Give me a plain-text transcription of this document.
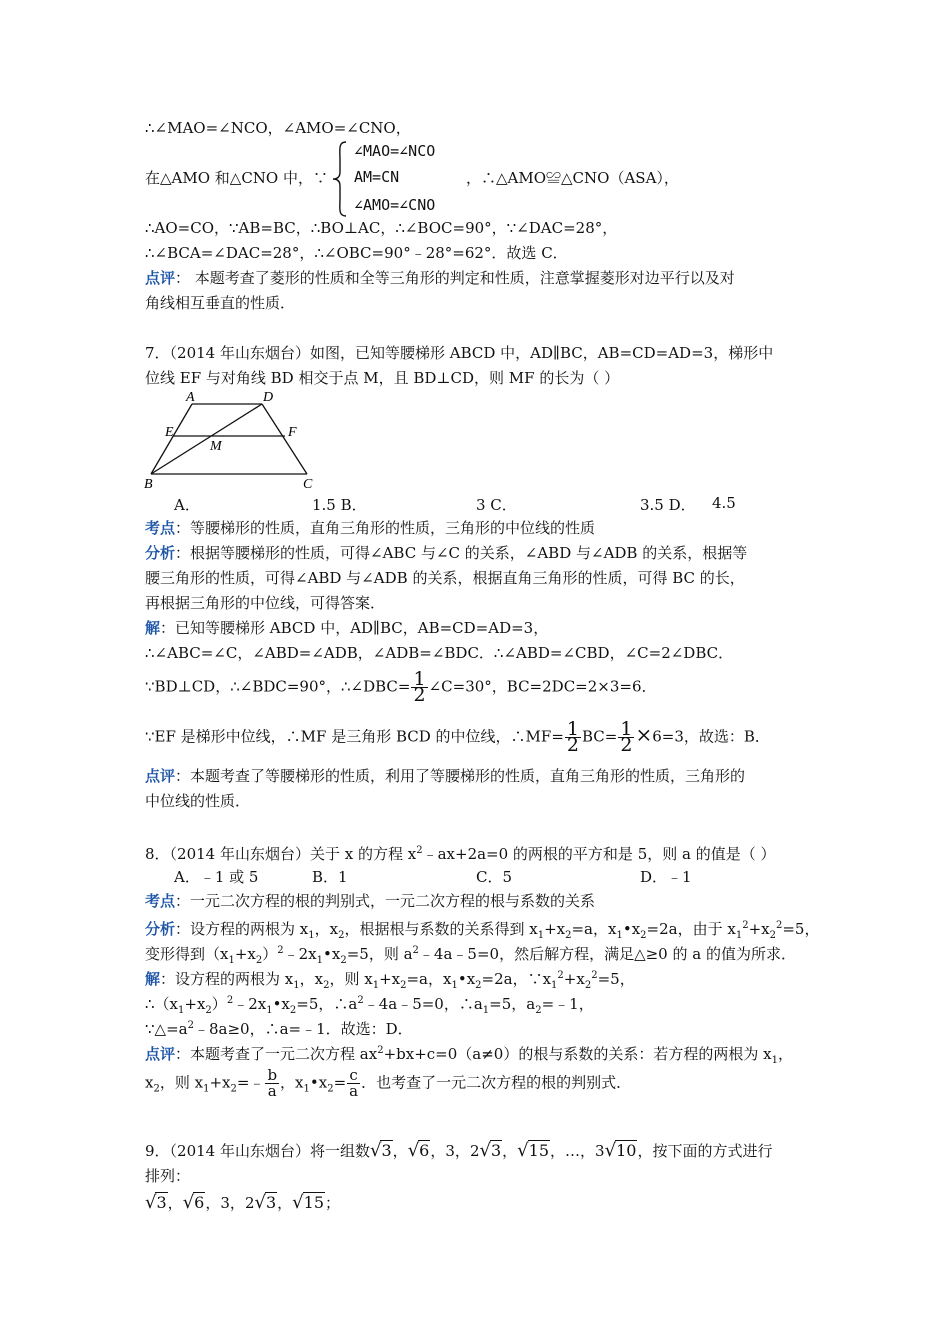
∴∠MAO=∠NCO，∠AMO=∠CNO，
在△AMO 和△CNO 中，∵
∠MAO=∠NCO
AM=CN
∠AMO=∠CNO
，∴△AMO≌△CNO（ASA），
∴AO=CO，∵AB=BC，∴BO⊥AC，∴∠BOC=90°，∵∠DAC=28°，
∴∠BCA=∠DAC=28°，∴∠OBC=90°﹣28°=62°．故选 C．
点评： 本题考查了菱形的性质和全等三角形的判定和性质，注意掌握菱形对边平行以及对
角线相互垂直的性质．
7．（2014 年山东烟台）如图，已知等腰梯形 ABCD 中，AD∥BC，AB=CD=AD=3，梯形中
位线 EF 与对角线 BD 相交于点 M，且 BD⊥CD，则 MF 的长为（ ）
A	D
E	F
M
B	C
A．	1.5 B．	3 C．	3.5 D． 4.5
考点：等腰梯形的性质，直角三角形的性质，三角形的中位线的性质
分析：根据等腰梯形的性质，可得∠ABC 与∠C 的关系，∠ABD 与∠ADB 的关系，根据等
腰三角形的性质，可得∠ABD 与∠ADB 的关系，根据直角三角形的性质，可得 BC 的长，
再根据三角形的中位线，可得答案．
解：已知等腰梯形 ABCD 中，AD∥BC，AB=CD=AD=3，
∴∠ABC=∠C，∠ABD=∠ADB，∠ADB=∠BDC．∴∠ABD=∠CBD，∠C=2∠DBC．
∵BD⊥CD，∴∠BDC=90°，∴∠DBC= $\frac{1}{2}$ ∠C=30°，BC=2DC=2×3=6．
∵EF 是梯形中位线，∴MF 是三角形 BCD 的中位线，∴MF= $\frac{1}{2} BC= \frac{1}{2} \times 6=3$，故选：B．
点评：本题考查了等腰梯形的性质，利用了等腰梯形的性质，直角三角形的性质，三角形的
中位线的性质．
8．（2014 年山东烟台）关于 x 的方程 $x^2﹣ax+2a=0$ 的两根的平方和是 5，则 a 的值是（ ）
A．﹣1 或 5	B．1	C．5	D．﹣1
考点：一元二次方程的根的判别式，一元二次方程的根与系数的关系
分析：设方程的两根为 $x_1$，$x_2$，根据根与系数的关系得到 $x_1+x_2=a$，$x_1•x_2=2a$，由于 $x_1^2+x_2^2=5$，
变形得到$(x_1+x_2)^2﹣2x_1•x_2=5$，则 $a^2﹣4a﹣5=0$，然后解方程，满足△≥0 的 a 的值为所求．
解：设方程的两根为 $x_1$，$x_2$，则 $x_1+x_2=a$，$x_1•x_2=2a$，$\because x_1^2+x_2^2=5$，
$\therefore(x_1+x_2)^2﹣2x_1•x_2=5$，$\therefore a^2﹣4a﹣5=0$，$\therefore a_1=5$，$a_2=﹣1$，
$\because\triangle=a^2﹣8a\ge 0$，∴a=﹣1．故选：D．
点评：本题考查了一元二次方程 $ax^2+bx+c=0(a\ne 0)$的根与系数的关系：若方程的两根为 $x_1$，
$x_2$，则 $x_1+x_2=﹣ \frac{b}{a}$ ，$x_1•x_2= \frac{c}{a}$ ．也考查了一元二次方程的根的判别式．
9．（2014 年山东烟台）将一组数√3，√6，3，2√3，√15，…，3√10，按下面的方式进行
排列：
√3，√6，3，2√3，√15；
